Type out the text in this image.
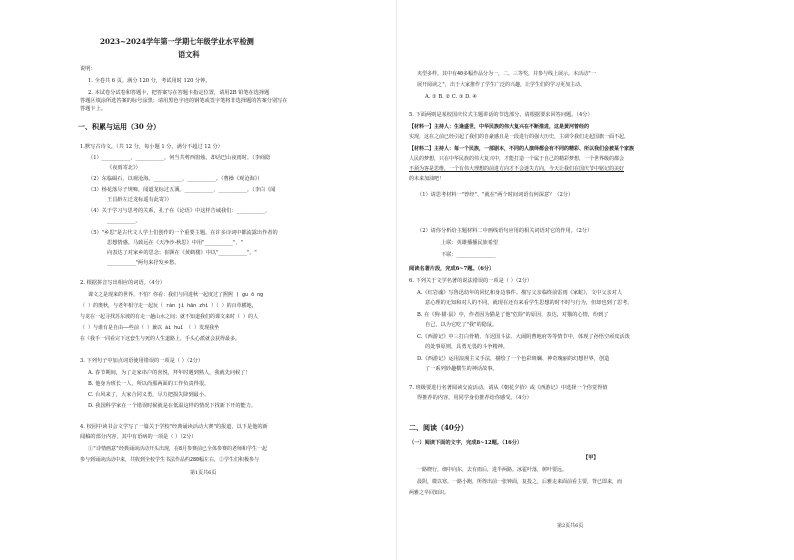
2023~2024学年第一学期七年级学业水平检测
语文科
说明：
1. 全卷共 6 页，满分 120 分，考试用时 120 分钟。
2. 本试卷分试卷和答题卡，把答案写在答题卡指定位置，请用2B 铅笔在选择题
答题区填涂所选答案的标号涂黑；请用黑色字迹的钢笔或签字笔将非选择题的答案分别写在
答题卡上。
一、积累与运用（30 分）
1.默写古诗文。（共 12 分，每小题 1 分，满分不超过 12 分）
（1）___________，___________。何当共剪西窗烛，却话巴山夜雨时。（李商隐
《夜雨寄北》）
（2）东临碣石，以观沧海。___________，___________。（曹操《观沧海》）
（3）杨花落尽子规啼，闻道龙标过五溪。___________，___________。（李白《闻
王昌龄左迁龙标遥有此寄》）
（4）关于学习与思考的关系，孔子在《论语》中这样告诫我们：___________，
___________。
（5）"乡思"是古代文人学士们创作的一个重要主题。在许多诗词中都流露出作者的
思想情感。马致远在《天净沙·秋思》中用"___________"，"
向表达了对家乡的思念；崔颢在《黄鹤楼》中以"___________"。"
___________"两句来抒发乡愁。
2. 根据拼音写出相应的词语。（4分）
课文之是现来的世界。不怕？你看：我们与同进秋一起度过了熙熙 ( gu ō ng
（ ）的奥秋，与老年相守走一起玩（ rán jì hān zhì ）（ ）的百草横地，
与龙在一起寻找苏东坡的有走一趟山水之间；就不知道我们的课文来时（ ）的人
（ ）与谁有是自由——些前（ ）兼以 ài huǐ （ ）发现我坐
在《我手一同看完下这套生与死的人生道路上，手头心派就会获得最多。
3. 下列句子中加点词语使用错误的一项是（ ）（2分）
A. 春节期间，为了走家串户的喜悦，拜年时遇到熟人，我就先问候了！
B. 他身为班长一人，所以尚那两面的工作负责得很。
C. 台风来了，大家合同义勇，尽力把损失降到最小。
D. 我国科学家在一个错误时候就是在低温这样的情况下找新下开的能力。
4. 校园中读书会文学写了一篇关于学校"经典诵读活动大赛"的报道，以下是他的新
闻稿的部分内容，其中有语病的一项是（ ）（2分）
①"诗情画意"经典诵读活动开头出现，在8月参赛前已全体参赛的老师和学生一起
参与到诵读活动中来，共收到全校学生书法作品约280幅左右，②学生们积极参与
第1页共6页
夹型多样。其中有40多幅作品分为一，二、三等奖，并参与线上展示。本活动"一
展开阅读之"，出于大家推作了学生广泛的兴趣，让学生们的学习更加主动、
A. ① B. ② C. ③ D. ④
5. 下面两则是某校国庆仪式主题讲话的节选部分，请根据要求回答问题。（4分）
【材料一】主持人：生逢盛世，中华民族的伟大复兴在不断推进，这是黄河曾经的
实现，这在之前已经引起了我们的自豪感且是一段进行的强大历史，主调令我们走起国旗一面不起，
【材料二】主持人：每一个民族，一部剧本，不同的人演绎都会有不同的精彩、所以我们会被某个家族
人民的梦想，只在中华民族的伟大复兴中，才能打造一个属于自己的精彩梦想，一个世界级的都会
不须为客是思维，一个有伟大理想的前进方向才不会迷失方向，今天让我们在国庆节中铭记的美好
的未来加油吧！
（1）请思考材料一"曾经"、"就在"两个时间词语有何深意？（2分）
（2）请你分析给主题材料二中画线语句应用的相关词语对它的作用。（2分）
上联：英雄播播民族希望
下联：_______________
阅读名著片段，完成6~7题。（6分）
6. 下列关于文学名著的说法错误的一项是（ ）（2分）
A.《红岩魂》写鲁迅幼年的回忆和身边事件。描写父亲临终前雷雨《家蛇》，文中父亲对人
意心理的无知和对人的不同，就现在还有来看学生思想的时不时与行为，但却也到了思考。
B. 在《狗·猫·鼠》中，作者因为猫是了他"危险"的原因，表达，对猫的心情，纷到了
自己，以为它吃了"我"的隐鼠。
C.《西游记》中三打白骨精、车迟国斗法、大闹阴曹地府等等情节中，体现了孙悟空顽皮活泼
的处事原则，具勇无畏的斗争精神。
D.《西游记》运用浪漫主义手法，描绘了一个色彩斑斓、神奇瑰丽的幻想世界，创造
了一系列妙趣横生的神话故事。
7. 班级要进行名著阅读交流活动，请从《朝花夕拾》或《西游记》中选择一个你觉得值
得推荐的内容，用同学身份推荐给你感受。（4分）
二、阅读（40分）
（一）阅读下面的文字，完成8~12题。（16分）
【甲】
一路晓行，细中向东，去有雨后，进半两路。冰雹叶落，树叶要远。
晨阴，微以寒。一路小跑，所得出前一张钟面，复投之，后雅走来面前看主要，背已即来，而
两雅之早回知识。
第2页共6页
